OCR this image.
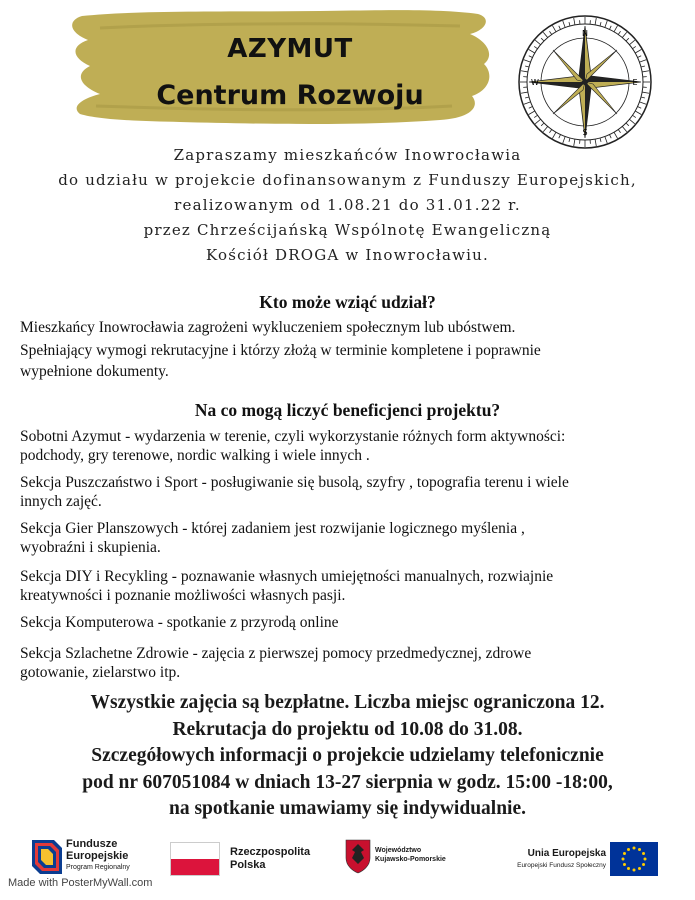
AZYMUT
Centrum Rozwoju
N
S
W	E
Zapraszamy mieszkańców Inowrocławia
do udziału w projekcie dofinansowanym z Funduszy Europejskich,
realizowanym od 1.08.21 do 31.01.22 r.
przez Chrześcijańską Wspólnotę Ewangeliczną
Kościół DROGA w Inowrocławiu.
Kto może wziąć udział?
Mieszkańcy Inowrocławia zagrożeni wykluczeniem społecznym lub ubóstwem.
Spełniający wymogi rekrutacyjne i którzy złożą w terminie kompletene i poprawnie
wypełnione dokumenty.
Na co mogą liczyć beneficjenci projektu?
Sobotni Azymut - wydarzenia w terenie, czyli wykorzystanie różnych form aktywności:
podchody, gry terenowe, nordic walking i wiele innych .
Sekcja Puszczaństwo i Sport - posługiwanie się busolą, szyfry , topografia terenu i wiele
innych zajęć.
Sekcja Gier Planszowych - której zadaniem jest rozwijanie logicznego myślenia ,
wyobraźni i skupienia.
Sekcja DIY i Recykling - poznawanie własnych umiejętności manualnych, rozwiajnie
kreatywności i poznanie możliwości własnych pasji.
Sekcja Komputerowa - spotkanie z przyrodą online
Sekcja Szlachetne Zdrowie - zajęcia z pierwszej pomocy przedmedycznej, zdrowe
gotowanie, zielarstwo itp.
Wszystkie zajęcia są bezpłatne. Liczba miejsc ograniczona 12.
Rekrutacja do projektu od 10.08 do 31.08.
Szczegółowych informacji o projekcie udzielamy telefonicznie
pod nr 607051084 w dniach 13-27 sierpnia w godz. 15:00 -18:00,
na spotkanie umawiamy się indywidualnie.
Fundusze
Europejskie
Program Regionalny
Rzeczpospolita
Polska
Województwo
Kujawsko-Pomorskie
Unia Europejska
Europejski Fundusz Społeczny
Made with PosterMyWall.com
